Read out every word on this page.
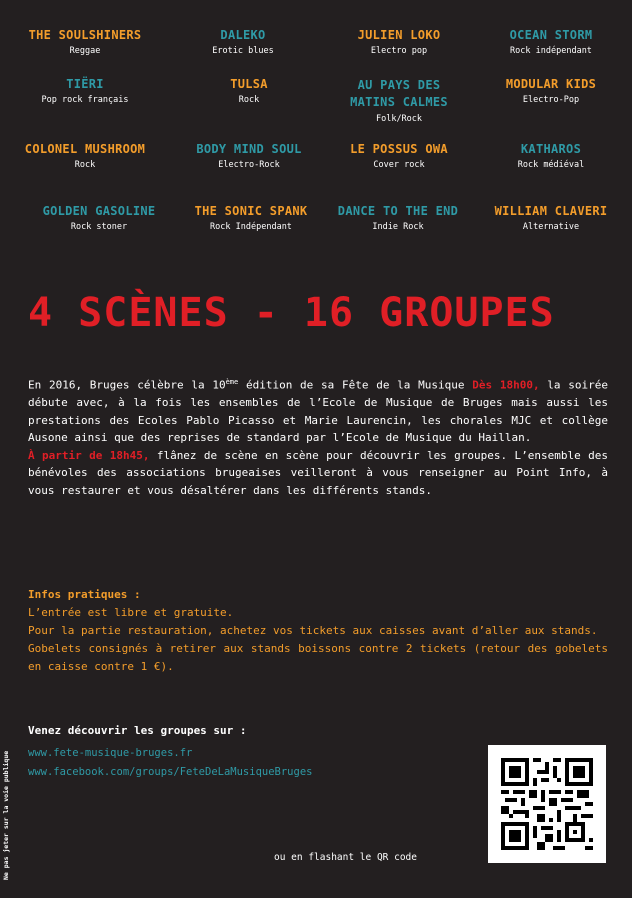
THE SOULSHINERS
Reggae
DALEKO
Erotic blues
JULIEN LOKO
Electro pop
OCEAN STORM
Rock indépendant
TIËRI
Pop rock français
TULSA
Rock
AU PAYS DES MATINS CALMES
Folk/Rock
MODULAR KIDS
Electro-Pop
COLONEL MUSHROOM
Rock
BODY MIND SOUL
Electro-Rock
LE POSSUS OWA
Cover rock
KATHAROS
Rock médiéval
GOLDEN GASOLINE
Rock stoner
THE SONIC SPANK
Rock Indépendant
DANCE TO THE END
Indie Rock
WILLIAM CLAVERI
Alternative
4 SCÈNES - 16 GROUPES
En 2016, Bruges célèbre la 10ème édition de sa Fête de la Musique Dès 18h00, la soirée débute avec, à la fois les ensembles de l’Ecole de Musique de Bruges mais aussi les prestations des Ecoles Pablo Picasso et Marie Laurencin, les chorales MJC et collège Ausone ainsi que des reprises de standard par l’Ecole de Musique du Haillan.
À partir de 18h45, flânez de scène en scène pour découvrir les groupes. L’ensemble des bénévoles des associations brugeaises veilleront à vous renseigner au Point Info, à vous restaurer et vous désaltérer dans les différents stands.
Infos pratiques :
L’entrée est libre et gratuite.
Pour la partie restauration, achetez vos tickets aux caisses avant d’aller aux stands.
Gobelets consignés à retirer aux stands boissons contre 2 tickets (retour des gobelets en caisse contre 1 €).
Venez découvrir les groupes sur :
www.fete-musique-bruges.fr
www.facebook.com/groups/FeteDeLaMusiqueBruges
ou en flashant le QR code
Ne pas jeter sur la voie publique
